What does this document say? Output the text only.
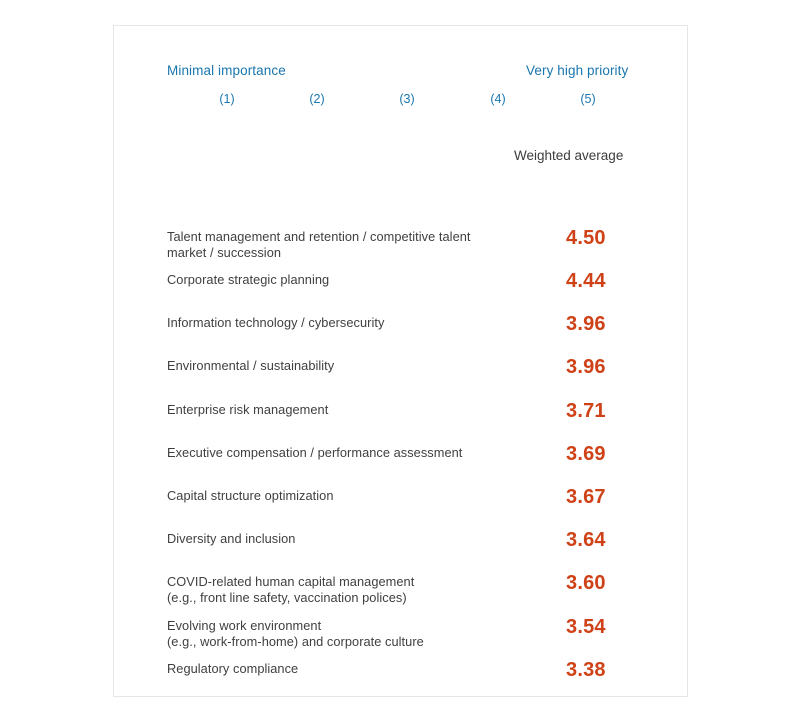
Minimal importance	Very high priority
(1)	(2)	(3)	(4)	(5)
Weighted average
Talent management and retention / competitive talent
market / succession
4.50
Corporate strategic planning	4.44
Information technology / cybersecurity	3.96
Environmental / sustainability	3.96
Enterprise risk management	3.71
Executive compensation / performance assessment	3.69
Capital structure optimization	3.67
Diversity and inclusion	3.64
COVID-related human capital management
(e.g., front line safety, vaccination polices)
3.60
Evolving work environment
(e.g., work-from-home) and corporate culture
3.54
Regulatory compliance	3.38
